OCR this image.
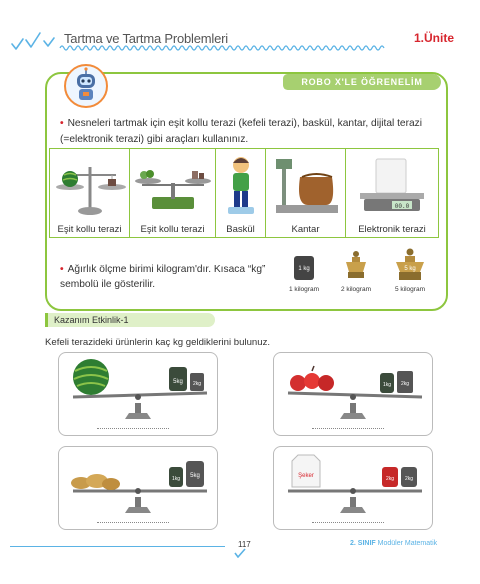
Tartma ve Tartma Problemleri	1.Ünite
ROBO X'LE ÖĞRENELİM
• Nesneleri tartmak için eşit kollu terazi (kefeli terazi), baskül, kantar, dijital terazi (=elektronik terazi) gibi araçları kullanınız.
Eşit kollu terazi	Eşit kollu terazi	Baskül	Kantar
00.0
Elektronik terazi
• Ağırlık ölçme birimi kilogram'dır. Kısaca “kg” sembolü ile gösterilir.
1 kg	5 kg
1 kilogram	2 kilogram	5 kilogram
Kazanım Etkinlik-1
Kefeli terazideki ürünlerin kaç kg geldiklerini bulunuz.
5kg 2kg	1kg 2kg
1kg 5kg	Şeker	2kg 2kg
117	2. SINIF Modüler Matematik
